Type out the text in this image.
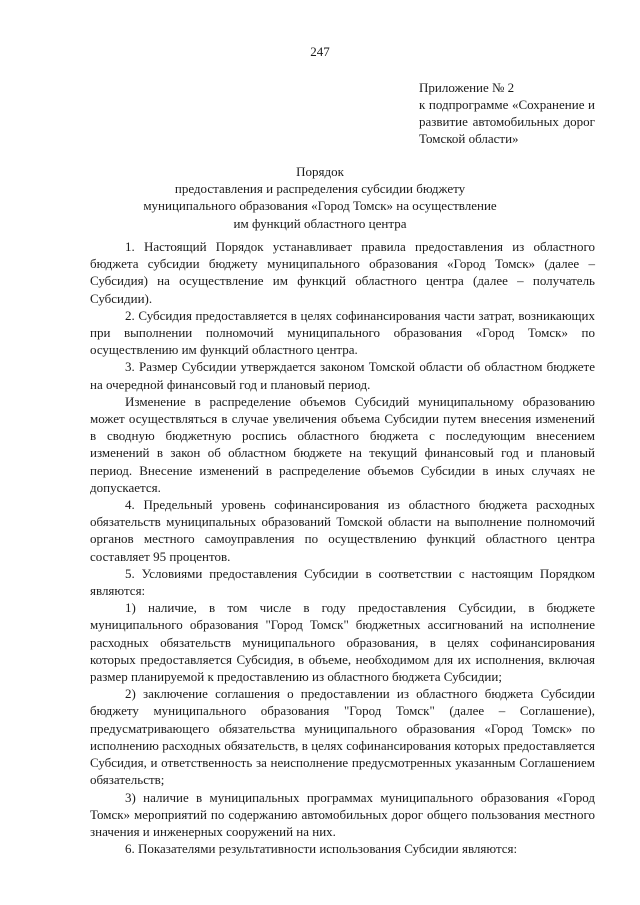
247
Приложение № 2
к подпрограмме «Сохранение и развитие автомобильных дорог Томской области»
Порядок
предоставления и распределения субсидии бюджету
муниципального образования «Город Томск» на осуществление
им функций областного центра

1. Настоящий Порядок устанавливает правила предоставления из областного бюджета субсидии бюджету муниципального образования «Город Томск» (далее – Субсидия) на осуществление им функций областного центра (далее – получатель Субсидии).

2. Субсидия предоставляется в целях софинансирования части затрат, возникающих при выполнении полномочий муниципального образования «Город Томск» по осуществлению им функций областного центра.

3. Размер Субсидии утверждается законом Томской области об областном бюджете на очередной финансовый год и плановый период.

Изменение в распределение объемов Субсидий муниципальному образованию может осуществляться в случае увеличения объема Субсидии путем внесения изменений в сводную бюджетную роспись областного бюджета с последующим внесением изменений в закон об областном бюджете на текущий финансовый год и плановый период. Внесение изменений в распределение объемов Субсидии в иных случаях не допускается.

4. Предельный уровень софинансирования из областного бюджета расходных обязательств муниципальных образований Томской области на выполнение полномочий органов местного самоуправления по осуществлению функций областного центра составляет 95 процентов.

5. Условиями предоставления Субсидии в соответствии с настоящим Порядком являются:

1) наличие, в том числе в году предоставления Субсидии, в бюджете муниципального образования "Город Томск" бюджетных ассигнований на исполнение расходных обязательств муниципального образования, в целях софинансирования которых предоставляется Субсидия, в объеме, необходимом для их исполнения, включая размер планируемой к предоставлению из областного бюджета Субсидии;

2) заключение соглашения о предоставлении из областного бюджета Субсидии бюджету муниципального образования "Город Томск" (далее – Соглашение), предусматривающего обязательства муниципального образования «Город Томск» по исполнению расходных обязательств, в целях софинансирования которых предоставляется Субсидия, и ответственность за неисполнение предусмотренных указанным Соглашением обязательств;

3) наличие в муниципальных программах муниципального образования «Город Томск» мероприятий по содержанию автомобильных дорог общего пользования местного значения и инженерных сооружений на них.

6. Показателями результативности использования Субсидии являются:
